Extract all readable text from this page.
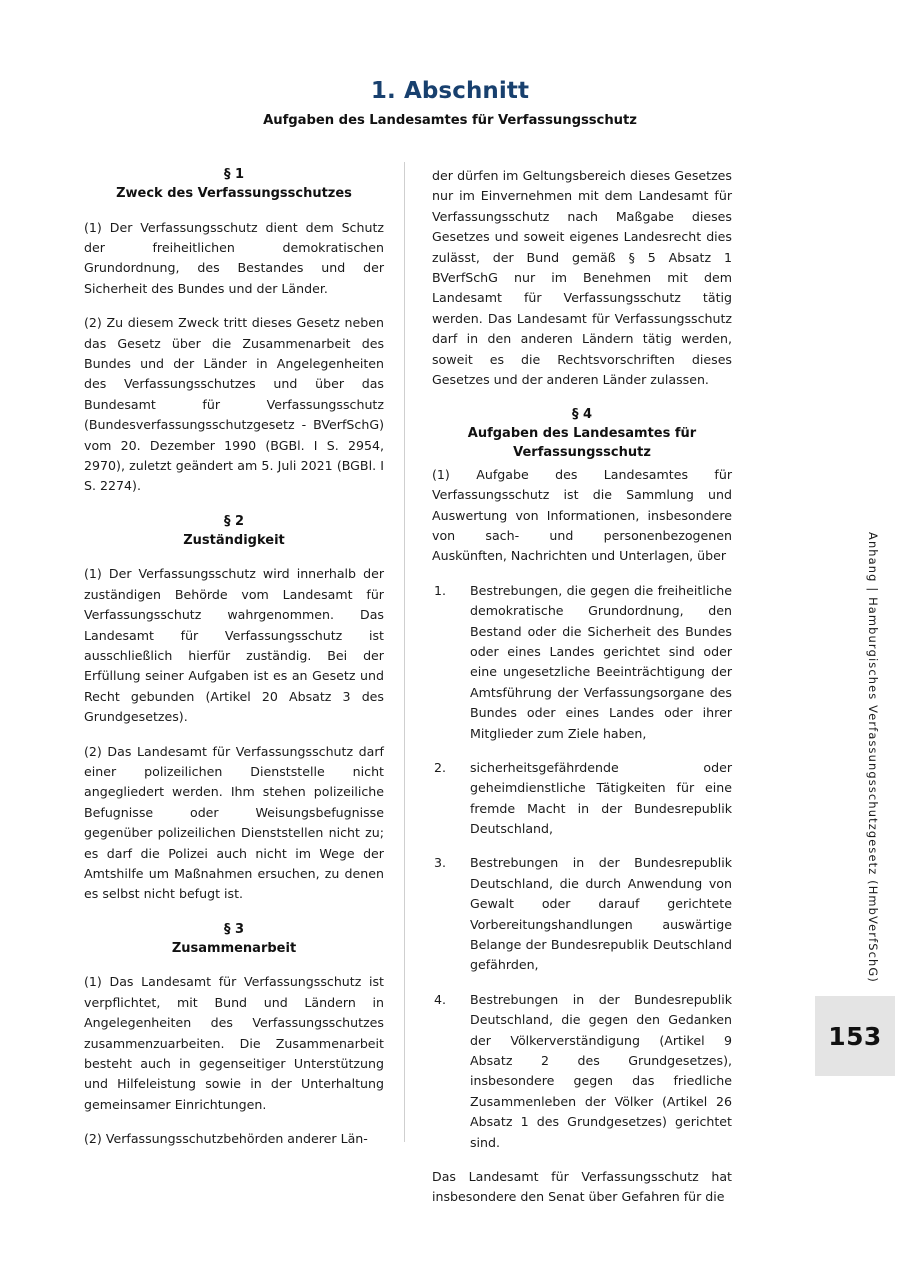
1. Abschnitt
Aufgaben des Landesamtes für Verfassungsschutz
§ 1
Zweck des Verfassungsschutzes

(1) Der Verfassungsschutz dient dem Schutz der freiheitlichen demokratischen Grundordnung, des Bestandes und der Sicherheit des Bundes und der Länder.

(2) Zu diesem Zweck tritt dieses Gesetz neben das Gesetz über die Zusammenarbeit des Bundes und der Länder in Angelegenheiten des Verfassungsschutzes und über das Bundesamt für Verfassungsschutz (Bundesverfassungsschutzgesetz - BVerfSchG) vom 20. Dezember 1990 (BGBl. I S. 2954, 2970), zuletzt geändert am 5. Juli 2021 (BGBl. I S. 2274).

§ 2
Zuständigkeit

(1) Der Verfassungsschutz wird innerhalb der zuständigen Behörde vom Landesamt für Verfassungsschutz wahrgenommen. Das Landesamt für Verfassungsschutz ist ausschließlich hierfür zuständig. Bei der Erfüllung seiner Aufgaben ist es an Gesetz und Recht gebunden (Artikel 20 Absatz 3 des Grundgesetzes).

(2) Das Landesamt für Verfassungsschutz darf einer polizeilichen Dienststelle nicht angegliedert werden. Ihm stehen polizeiliche Befugnisse oder Weisungsbefugnisse gegenüber polizeilichen Dienststellen nicht zu; es darf die Polizei auch nicht im Wege der Amtshilfe um Maßnahmen ersuchen, zu denen es selbst nicht befugt ist.

§ 3
Zusammenarbeit

(1) Das Landesamt für Verfassungsschutz ist verpflichtet, mit Bund und Ländern in Angelegenheiten des Verfassungsschutzes zusammenzuarbeiten. Die Zusammenarbeit besteht auch in gegenseitiger Unterstützung und Hilfeleistung sowie in der Unterhaltung gemeinsamer Einrichtungen.

(2) Verfassungsschutzbehörden anderer Län-

der dürfen im Geltungsbereich dieses Gesetzes nur im Einvernehmen mit dem Landesamt für Verfassungsschutz nach Maßgabe dieses Gesetzes und soweit eigenes Landesrecht dies zulässt, der Bund gemäß § 5 Absatz 1 BVerfSchG nur im Benehmen mit dem Landesamt für Verfassungsschutz tätig werden. Das Landesamt für Verfassungsschutz darf in den anderen Ländern tätig werden, soweit es die Rechtsvorschriften dieses Gesetzes und der anderen Länder zulassen.

§ 4
Aufgaben des Landesamtes für
Verfassungsschutz

(1) Aufgabe des Landesamtes für Verfassungsschutz ist die Sammlung und Auswertung von Informationen, insbesondere von sach- und personenbezogenen Auskünften, Nachrichten und Unterlagen, über

1.	Bestrebungen, die gegen die freiheitliche demokratische Grundordnung, den Bestand oder die Sicherheit des Bundes oder eines Landes gerichtet sind oder eine ungesetzliche Beeinträchtigung der Amtsführung der Verfassungsorgane des Bundes oder eines Landes oder ihrer Mitglieder zum Ziele haben,
2.	sicherheitsgefährdende oder geheimdienstliche Tätigkeiten für eine fremde Macht in der Bundesrepublik Deutschland,
3.	Bestrebungen in der Bundesrepublik Deutschland, die durch Anwendung von Gewalt oder darauf gerichtete Vorbereitungshandlungen auswärtige Belange der Bundesrepublik Deutschland gefährden,
4.	Bestrebungen in der Bundesrepublik Deutschland, die gegen den Gedanken der Völkerverständigung (Artikel 9 Absatz 2 des Grundgesetzes), insbesondere gegen das friedliche Zusammenleben der Völker (Artikel 26 Absatz 1 des Grundgesetzes) gerichtet sind.

Das Landesamt für Verfassungsschutz hat insbesondere den Senat über Gefahren für die

Anhang | Hamburgisches Verfassungsschutzgesetz (HmbVerfSchG)
153
